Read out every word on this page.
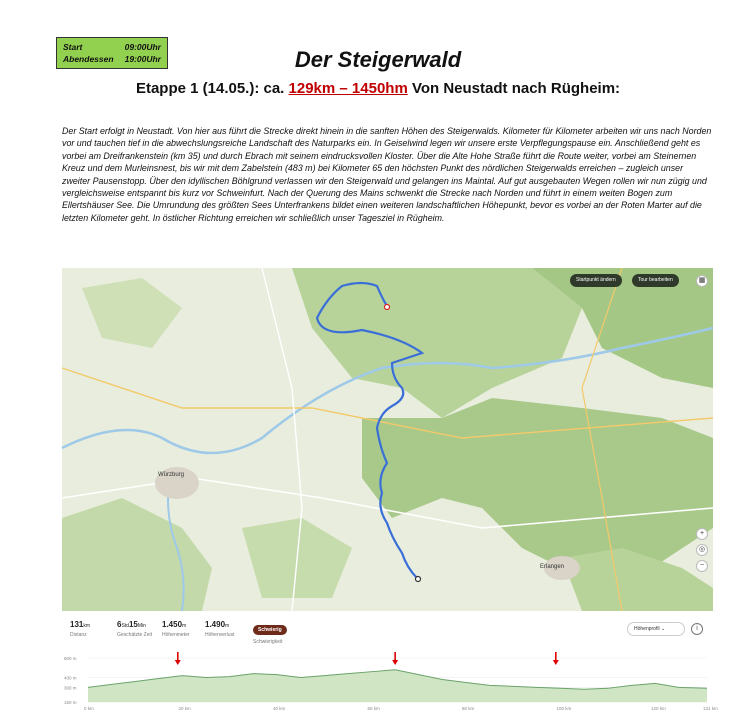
Start	09:00Uhr
Abendessen 19:00Uhr	Der Steigerwald
Etappe 1 (14.05.): ca. 129km – 1450hm Von Neustadt nach Rügheim:

Der Start erfolgt in Neustadt. Von hier aus führt die Strecke direkt hinein in die sanften Höhen des Steigerwalds. Kilometer für Kilometer arbeiten wir uns nach Norden vor und tauchen tief in die abwechslungsreiche Landschaft des Naturparks ein. In Geiselwind legen wir unsere erste Verpflegungspause ein. Anschließend geht es vorbei am Dreifrankenstein (km 35) und durch Ebrach mit seinem eindrucksvollen Kloster. Über die Alte Hohe Straße führt die Route weiter, vorbei am Steinernen Kreuz und dem Murleinsnest, bis wir mit dem Zabelstein (483 m) bei Kilometer 65 den höchsten Punkt des nördlichen Steigerwalds erreichen – zugleich unser zweiter Pausenstopp. Über den idyllischen Böhlgrund verlassen wir den Steigerwald und gelangen ins Maintal. Auf gut ausgebauten Wegen rollen wir nun zügig und vergleichsweise entspannt bis kurz vor Schweinfurt. Nach der Querung des Mains schwenkt die Strecke nach Norden und führt in einem weiten Bogen zum Ellertshäuser See. Die Umrundung des größten Sees Unterfrankens bildet einen weiteren landschaftlichen Höhepunkt, bevor es vorbei an der Roten Marter auf die letzten Kilometer geht. In östlicher Richtung erreichen wir schließlich unser Tagesziel in Rügheim.

Startpunkt ändern	Tour bearbeiten	▦
+
◎
−
Würzburg
Erlangen
131km
Distanz
6Std15Min
Geschätzte Zeit
1.450m
Höhenmeter
1.490m
Höhenverlust
Schwierig
Schwierigkeit
Höhenprofil ⌄	i
600 m
400 m
300 m
150 m
0 km	20 km	40 km	60 km	80 km	100 km	120 km	131 km
